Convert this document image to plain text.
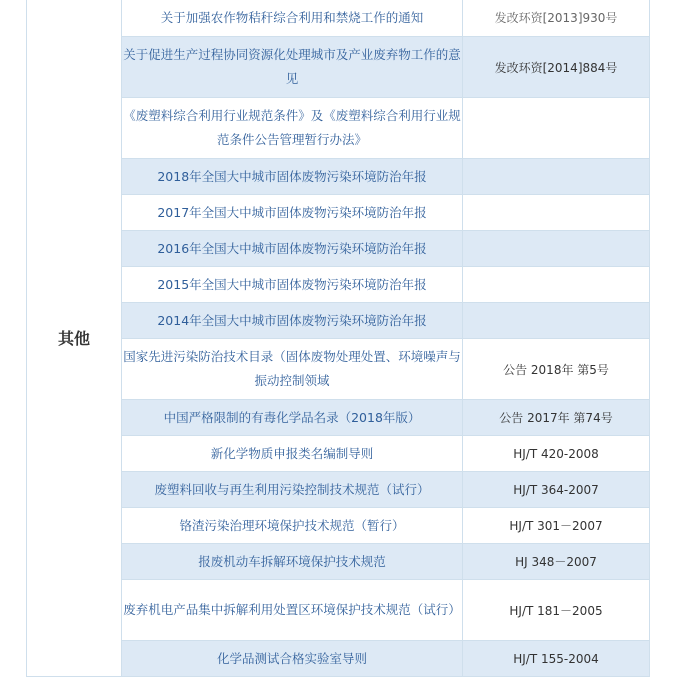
其他	关于加强农作物秸秆综合利用和禁烧工作的通知	发改环资[2013]930号
	关于促进生产过程协同资源化处理城市及产业废弃物工作的意见	发改环资[2014]884号
	《废塑料综合利用行业规范条件》及《废塑料综合利用行业规范条件公告管理暂行办法》	
	2018年全国大中城市固体废物污染环境防治年报	
	2017年全国大中城市固体废物污染环境防治年报	
	2016年全国大中城市固体废物污染环境防治年报	
	2015年全国大中城市固体废物污染环境防治年报	
	2014年全国大中城市固体废物污染环境防治年报	
	国家先进污染防治技术目录（固体废物处理处置、环境噪声与振动控制领域	公告 2018年 第5号
	中国严格限制的有毒化学品名录（2018年版）	公告 2017年 第74号
	新化学物质申报类名编制导则	HJ/T 420-2008
	废塑料回收与再生利用污染控制技术规范（试行）	HJ/T 364-2007
	铬渣污染治理环境保护技术规范（暂行）	HJ/T 301－2007
	报废机动车拆解环境保护技术规范	HJ 348－2007
	废弃机电产品集中拆解利用处置区环境保护技术规范（试行）	HJ/T 181－2005
	化学品测试合格实验室导则	HJ/T 155-2004
